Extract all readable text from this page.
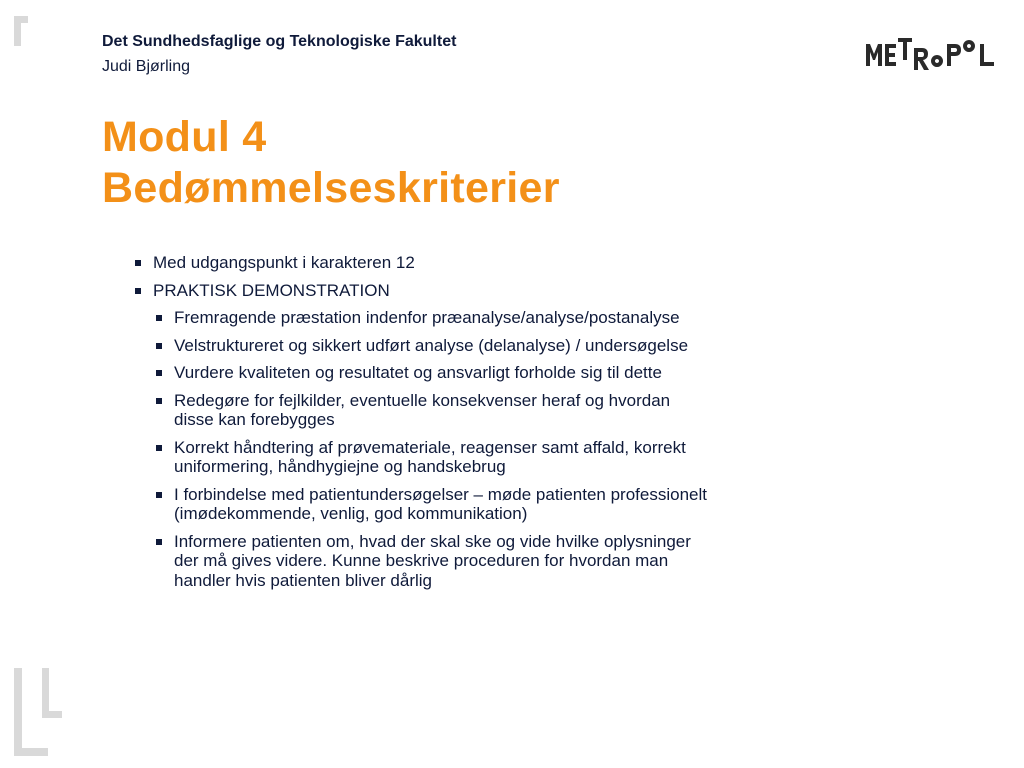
Det Sundhedsfaglige og Teknologiske Fakultet
Judi Bjørling
Modul 4
Bedømmelseskriterier
Med udgangspunkt i karakteren 12
PRAKTISK DEMONSTRATION
Fremragende præstation indenfor præanalyse/analyse/postanalyse
Velstruktureret og sikkert udført analyse (delanalyse) / undersøgelse
Vurdere kvaliteten og resultatet og ansvarligt forholde sig til dette
Redegøre for fejlkilder, eventuelle konsekvenser heraf og hvordan disse kan forebygges
Korrekt håndtering af prøvemateriale, reagenser samt affald, korrekt uniformering, håndhygiejne og handskebrug
I forbindelse med patientundersøgelser – møde patienten professionelt (imødekommende, venlig, god kommunikation)
Informere patienten om, hvad der skal ske og vide hvilke oplysninger der må gives videre. Kunne beskrive proceduren for hvordan man handler hvis patienten bliver dårlig
